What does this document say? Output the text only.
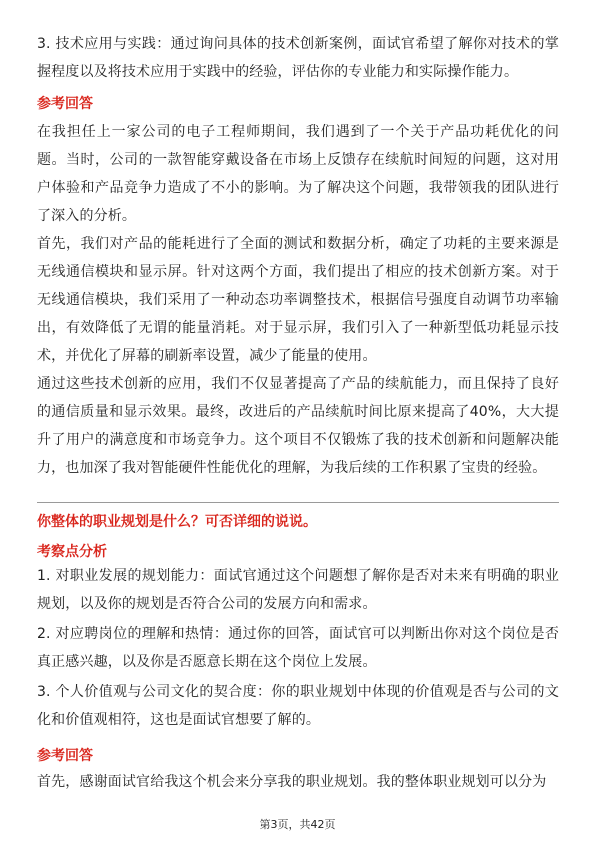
3. 技术应用与实践：通过询问具体的技术创新案例，面试官希望了解你对技术的掌握程度以及将技术应用于实践中的经验，评估你的专业能力和实际操作能力。

参考回答

在我担任上一家公司的电子工程师期间，我们遇到了一个关于产品功耗优化的问题。当时，公司的一款智能穿戴设备在市场上反馈存在续航时间短的问题，这对用户体验和产品竞争力造成了不小的影响。为了解决这个问题，我带领我的团队进行了深入的分析。

首先，我们对产品的能耗进行了全面的测试和数据分析，确定了功耗的主要来源是无线通信模块和显示屏。针对这两个方面，我们提出了相应的技术创新方案。对于无线通信模块，我们采用了一种动态功率调整技术，根据信号强度自动调节功率输出，有效降低了无谓的能量消耗。对于显示屏，我们引入了一种新型低功耗显示技术，并优化了屏幕的刷新率设置，减少了能量的使用。

通过这些技术创新的应用，我们不仅显著提高了产品的续航能力，而且保持了良好的通信质量和显示效果。最终，改进后的产品续航时间比原来提高了40%，大大提升了用户的满意度和市场竞争力。这个项目不仅锻炼了我的技术创新和问题解决能力，也加深了我对智能硬件性能优化的理解，为我后续的工作积累了宝贵的经验。

你整体的职业规划是什么？可否详细的说说。
考察点分析

1. 对职业发展的规划能力：面试官通过这个问题想了解你是否对未来有明确的职业规划，以及你的规划是否符合公司的发展方向和需求。

2. 对应聘岗位的理解和热情：通过你的回答，面试官可以判断出你对这个岗位是否真正感兴趣，以及你是否愿意长期在这个岗位上发展。

3. 个人价值观与公司文化的契合度：你的职业规划中体现的价值观是否与公司的文化和价值观相符，这也是面试官想要了解的。

参考回答

首先，感谢面试官给我这个机会来分享我的职业规划。我的整体职业规划可以分为

第3页，共42页
